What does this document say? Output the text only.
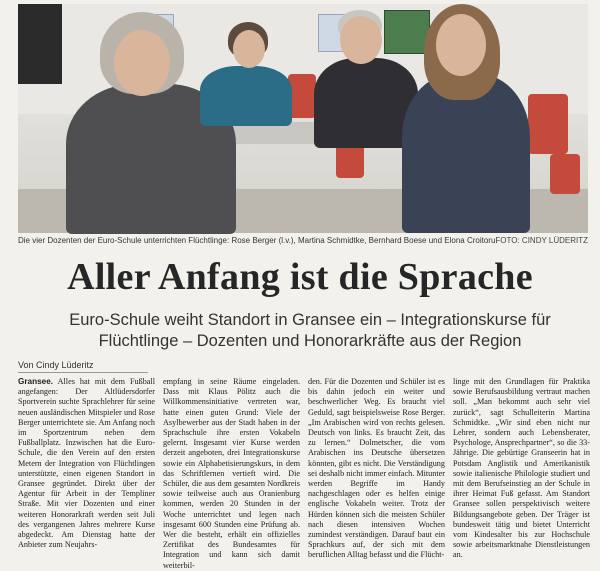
Die vier Dozenten der Euro-Schule unterrichten Flüchtlinge: Rose Berger (l.v.), Martina Schmidtke, Bernhard Boese und Elona Croitoru.
FOTO: CINDY LÜDERITZ
Aller Anfang ist die Sprache
Euro-Schule weiht Standort in Gransee ein – Integrationskurse für Flüchtlinge – Dozenten und Honorarkräfte aus der Region
Von Cindy Lüderitz
Gransee. Alles hat mit dem Fußball angefangen: Der Altlüdersdorfer Sportverein suchte Sprachlehrer für seine neuen ausländischen Mitspieler und Rose Berger unterrichtete sie. Am Anfang noch im Sportzentrum neben dem Fußballplatz. Inzwischen hat die Euro-Schule, die den Verein auf den ersten Metern der Integration von Flüchtlingen unterstützte, einen eigenen Standort in Gransee gegründet. Direkt über der Agentur für Arbeit in der Templiner Straße. Mit vier Dozenten und einer weiteren Honorarkraft werden seit Juli des vergangenen Jahres mehrere Kurse abgedeckt. Am Dienstag hatte der Anbieter zum Neujahrs-
empfang in seine Räume eingeladen. Dass mit Klaus Pölitz auch die Willkommensinitiative vertreten war, hatte einen guten Grund: Viele der Asylbewerber aus der Stadt haben in der Sprachschule ihre ersten Vokabeln gelernt. Insgesamt vier Kurse werden derzeit angeboten, drei Integrationskurse sowie ein Alphabetisierungskurs, in dem das Schriftlernen vertieft wird. Die Schüler, die aus dem gesamten Nordkreis sowie teilweise auch aus Oranienburg kommen, werden 20 Stunden in der Woche unterrichtet und legen nach insgesamt 600 Stunden eine Prüfung ab. Wer die besteht, erhält ein offizielles Zertifikat des Bundesamtes für Integration und kann sich damit weiterbil-
den. Für die Dozenten und Schüler ist es bis dahin jedoch ein weiter und beschwerlicher Weg. Es braucht viel Geduld, sagt beispielsweise Rose Berger. „Im Arabischen wird von rechts gelesen. Deutsch von links. Es braucht Zeit, das zu lernen.“ Dolmetscher, die vom Arabischen ins Deutsche übersetzen könnten, gibt es nicht. Die Verständigung sei deshalb nicht immer einfach. Mitunter werden Begriffe im Handy nachgeschlagen oder es helfen einige englische Vokabeln weiter. Trotz der Hürden können sich die meisten Schüler nach diesen intensiven Wochen zumindest verständigen. Darauf baut ein Sprachkurs auf, der sich mit dem beruflichen Alltag befasst und die Flücht-
linge mit den Grundlagen für Praktika sowie Berufsausbildung vertraut machen soll. „Man bekommt auch sehr viel zurück“, sagt Schulleiterin Martina Schmidtke. „Wir sind eben nicht nur Lehrer, sondern auch Lebensberater, Psychologe, Ansprechpartner“, so die 33-Jährige. Die gebürtige Granseerin hat in Potsdam Anglistik und Amerikanistik sowie italienische Philologie studiert und mit dem Berufseinstieg an der Schule in ihrer Heimat Fuß gefasst. Am Standort Gransee sollen perspektivisch weitere Bildungsangebote geben. Der Träger ist bundesweit tätig und bietet Unterricht vom Kindesalter bis zur Hochschule sowie arbeitsmarktnahe Dienstleistungen an.
